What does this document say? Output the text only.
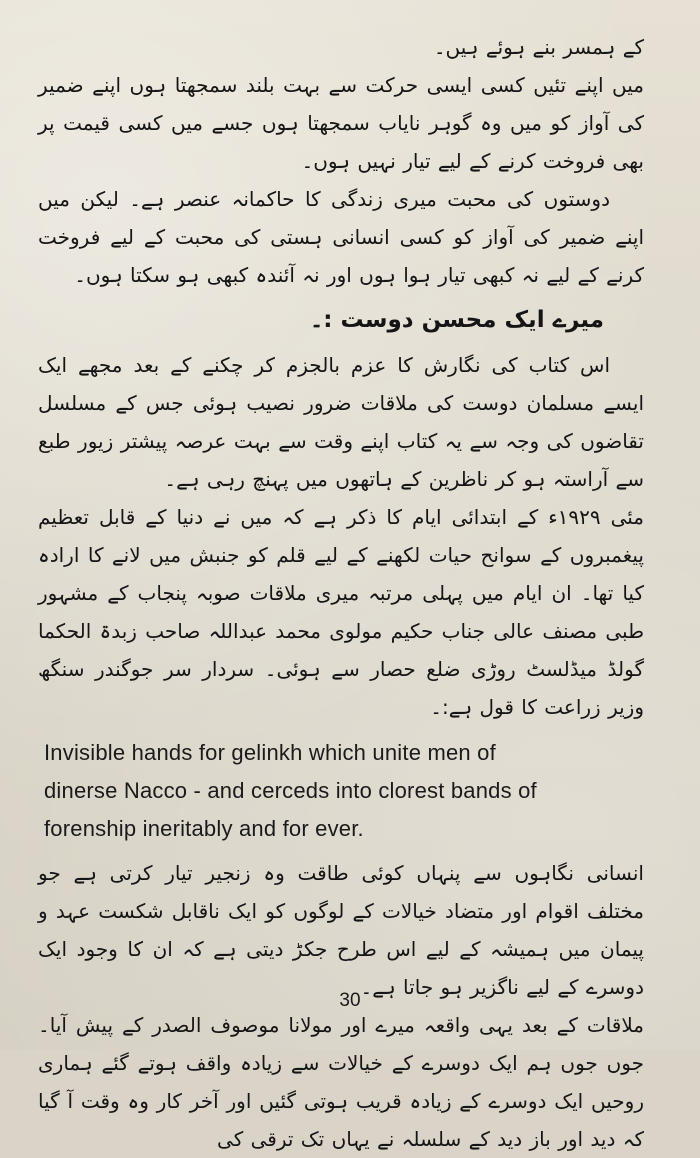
کے ہمسر بنے ہوئے ہیں۔

میں اپنے تئیں کسی ایسی حرکت سے بہت بلند سمجھتا ہوں اپنے ضمیر کی آواز کو میں وہ گوہر نایاب سمجھتا ہوں جسے میں کسی قیمت پر بھی فروخت کرنے کے لیے تیار نہیں ہوں۔

دوستوں کی محبت میری زندگی کا حاکمانہ عنصر ہے۔ لیکن میں اپنے ضمیر کی آواز کو کسی انسانی ہستی کی محبت کے لیے فروخت کرنے کے لیے نہ کبھی تیار ہوا ہوں اور نہ آئندہ کبھی ہو سکتا ہوں۔

میرے ایک محسن دوست :۔

اس کتاب کی نگارش کا عزم بالجزم کر چکنے کے بعد مجھے ایک ایسے مسلمان دوست کی ملاقات ضرور نصیب ہوئی جس کے مسلسل تقاضوں کی وجہ سے یہ کتاب اپنے وقت سے بہت عرصہ پیشتر زیور طبع سے آراستہ ہو کر ناظرین کے ہاتھوں میں پہنچ رہی ہے۔

مئی ۱۹۲۹ء کے ابتدائی ایام کا ذکر ہے کہ میں نے دنیا کے قابل تعظیم پیغمبروں کے سوانح حیات لکھنے کے لیے قلم کو جنبش میں لانے کا ارادہ کیا تھا۔ ان ایام میں پہلی مرتبہ میری ملاقات صوبہ پنجاب کے مشہور طبی مصنف عالی جناب حکیم مولوی محمد عبداللہ صاحب زبدۃ الحکما گولڈ میڈلسٹ روڑی ضلع حصار سے ہوئی۔ سردار سر جوگندر سنگھ وزیر زراعت کا قول ہے:۔

Invisible hands for gelinkh which unite men of
dinerse Nacco - and cerceds into clorest bands of
forenship ineritably and for ever.

انسانی نگاہوں سے پنہاں کوئی طاقت وہ زنجیر تیار کرتی ہے جو مختلف اقوام اور متضاد خیالات کے لوگوں کو ایک ناقابل شکست عہد و پیمان میں ہمیشہ کے لیے اس طرح جکڑ دیتی ہے کہ ان کا وجود ایک دوسرے کے لیے ناگزیر ہو جاتا ہے۔

ملاقات کے بعد یہی واقعہ میرے اور مولانا موصوف الصدر کے پیش آیا۔ جوں جوں ہم ایک دوسرے کے خیالات سے زیادہ واقف ہوتے گئے ہماری روحیں ایک دوسرے کے زیادہ قریب ہوتی گئیں اور آخر کار وہ وقت آ گیا کہ دید اور باز دید کے سلسلہ نے یہاں تک ترقی کی

30
